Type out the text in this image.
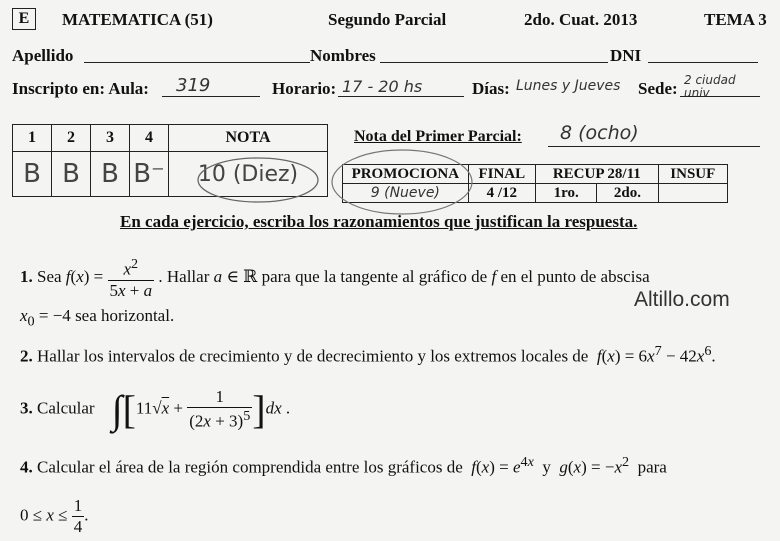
E	MATEMATICA (51)	Segundo Parcial	2do. Cuat. 2013	TEMA 3
Apellido	Nombres	DNI
Inscripto en: Aula: 319	Horario: 17 - 20 hs	Días: Lunes y Jueves Sede: 2 ciudad univ
1	2	3	4	NOTA
B	B	B	B⁻	10 (Diez)
Nota del Primer Parcial: 8 (ocho)
PROMOCIONA	FINAL	RECUP 28/11		INSUF
9 (Nueve)	4 /12	1ro.	2do.	
En cada ejercicio, escriba los razonamientos que justifican la respuesta.
Altillo.com
1. Sea $f(x) = \frac{x^2}{5x + a}$ . Hallar a ∈ ℝ para que la tangente al gráfico de f en el punto de abscisa
$x_0 = -4$ sea horizontal.
2. Hallar los intervalos de crecimiento y de decrecimiento y los extremos locales de $f(x) = 6x^7 - 42x^6$.
3. Calcular $\int[11√x + \frac{1}{(2x + 3)^5} ]dx$ .
4. Calcular el área de la región comprendida entre los gráficos de $f(x) = e^{4x}$ y $g(x) = -x^2$ para
$0 \le x \le \frac{1}{4}$ .
